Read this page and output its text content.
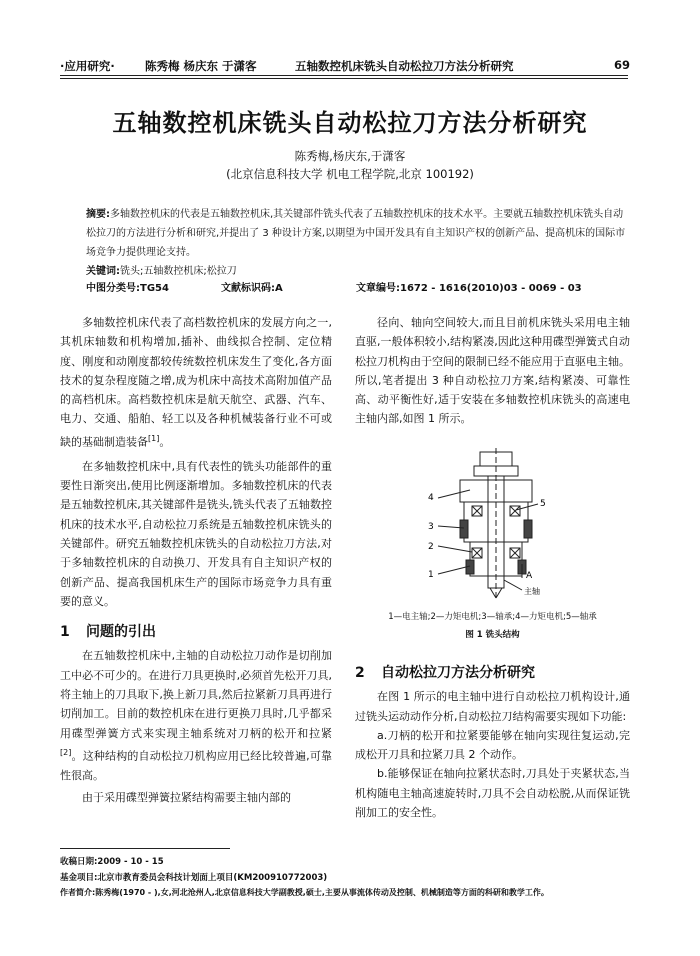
·应用研究·	陈秀梅 杨庆东 于潇客	五轴数控机床铣头自动松拉刀方法分析研究	69
五轴数控机床铣头自动松拉刀方法分析研究
陈秀梅,杨庆东,于潇客
(北京信息科技大学 机电工程学院,北京 100192)
摘要:多轴数控机床的代表是五轴数控机床,其关键部件铣头代表了五轴数控机床的技术水平。主要就五轴数控机床铣头自动松拉刀的方法进行分析和研究,并提出了 3 种设计方案,以期望为中国开发具有自主知识产权的创新产品、提高机床的国际市场竞争力提供理论支持。
关键词:铣头;五轴数控机床;松拉刀
中图分类号:TG54	文献标识码:A	文章编号:1672 - 1616(2010)03 - 0069 - 03

多轴数控机床代表了高档数控机床的发展方向之一,其机床轴数和机构增加,插补、曲线拟合控制、定位精度、刚度和动刚度都较传统数控机床发生了变化,各方面技术的复杂程度随之增,成为机床中高技术高附加值产品的高档机床。高档数控机床是航天航空、武器、汽车、电力、交通、船舶、轻工以及各种机械装备行业不可或缺的基础制造装备[1]。

在多轴数控机床中,具有代表性的铣头功能部件的重要性日渐突出,使用比例逐渐增加。多轴数控机床的代表是五轴数控机床,其关键部件是铣头,铣头代表了五轴数控机床的技术水平,自动松拉刀系统是五轴数控机床铣头的关键部件。研究五轴数控机床铣头的自动松拉刀方法,对于多轴数控机床的自动换刀、开发具有自主知识产权的创新产品、提高我国机床生产的国际市场竞争力具有重要的意义。

1 问题的引出

在五轴数控机床中,主轴的自动松拉刀动作是切削加工中必不可少的。在进行刀具更换时,必须首先松开刀具,将主轴上的刀具取下,换上新刀具,然后拉紧新刀具再进行切削加工。目前的数控机床在进行更换刀具时,几乎都采用碟型弹簧方式来实现主轴系统对刀柄的松开和拉紧[2]。这种结构的自动松拉刀机构应用已经比较普遍,可靠性很高。

由于采用碟型弹簧拉紧结构需要主轴内部的

径向、轴向空间较大,而且目前机床铣头采用电主轴直驱,一般体积较小,结构紧凑,因此这种用碟型弹簧式自动松拉刀机构由于空间的限制已经不能应用于直驱电主轴。所以,笔者提出 3 种自动松拉刀方案,结构紧凑、可靠性高、动平衡性好,适于安装在多轴数控机床铣头的高速电主轴内部,如图 1 所示。

4
5
3
2
1	A
主轴
1—电主轴;2—力矩电机;3—轴承;4—力矩电机;5—轴承
图 1 铣头结构

2 自动松拉刀方法分析研究

在图 1 所示的电主轴中进行自动松拉刀机构设计,通过铣头运动动作分析,自动松拉刀结构需要实现如下功能:

a.刀柄的松开和拉紧要能够在轴向实现往复运动,完成松开刀具和拉紧刀具 2 个动作。

b.能够保证在轴向拉紧状态时,刀具处于夹紧状态,当机构随电主轴高速旋转时,刀具不会自动松脱,从而保证铣削加工的安全性。

收稿日期:2009 - 10 - 15
基金项目:北京市教育委员会科技计划面上项目(KM200910772003)
作者简介:陈秀梅(1970 - ),女,河北沧州人,北京信息科技大学副教授,硕士,主要从事流体传动及控制、机械制造等方面的科研和教学工作。
